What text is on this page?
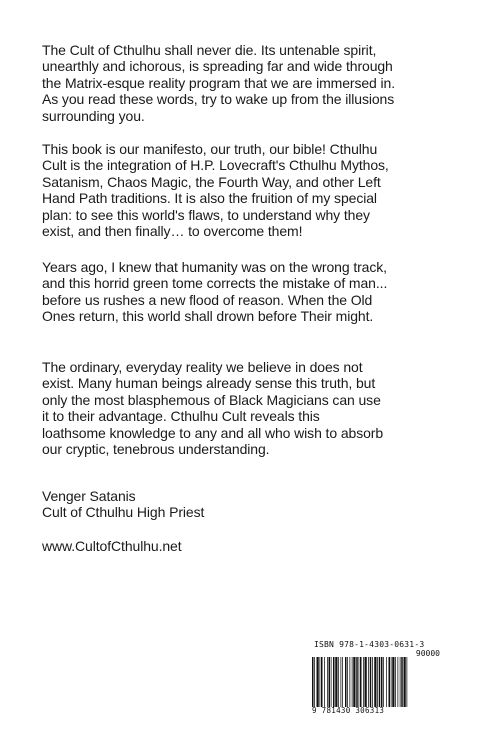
The Cult of Cthulhu shall never die. Its untenable spirit,
unearthly and ichorous, is spreading far and wide through
the Matrix-esque reality program that we are immersed in.
As you read these words, try to wake up from the illusions
surrounding you.
This book is our manifesto, our truth, our bible! Cthulhu
Cult is the integration of H.P. Lovecraft's Cthulhu Mythos,
Satanism, Chaos Magic, the Fourth Way, and other Left
Hand Path traditions. It is also the fruition of my special
plan: to see this world's flaws, to understand why they
exist, and then finally… to overcome them!
Years ago, I knew that humanity was on the wrong track,
and this horrid green tome corrects the mistake of man...
before us rushes a new flood of reason. When the Old
Ones return, this world shall drown before Their might.
The ordinary, everyday reality we believe in does not
exist. Many human beings already sense this truth, but
only the most blasphemous of Black Magicians can use
it to their advantage. Cthulhu Cult reveals this
loathsome knowledge to any and all who wish to absorb
our cryptic, tenebrous understanding.
Venger Satanis
Cult of Cthulhu High Priest
www.CultofCthulhu.net
ISBN 978-1-4303-0631-3
90000
9 781430 306313
